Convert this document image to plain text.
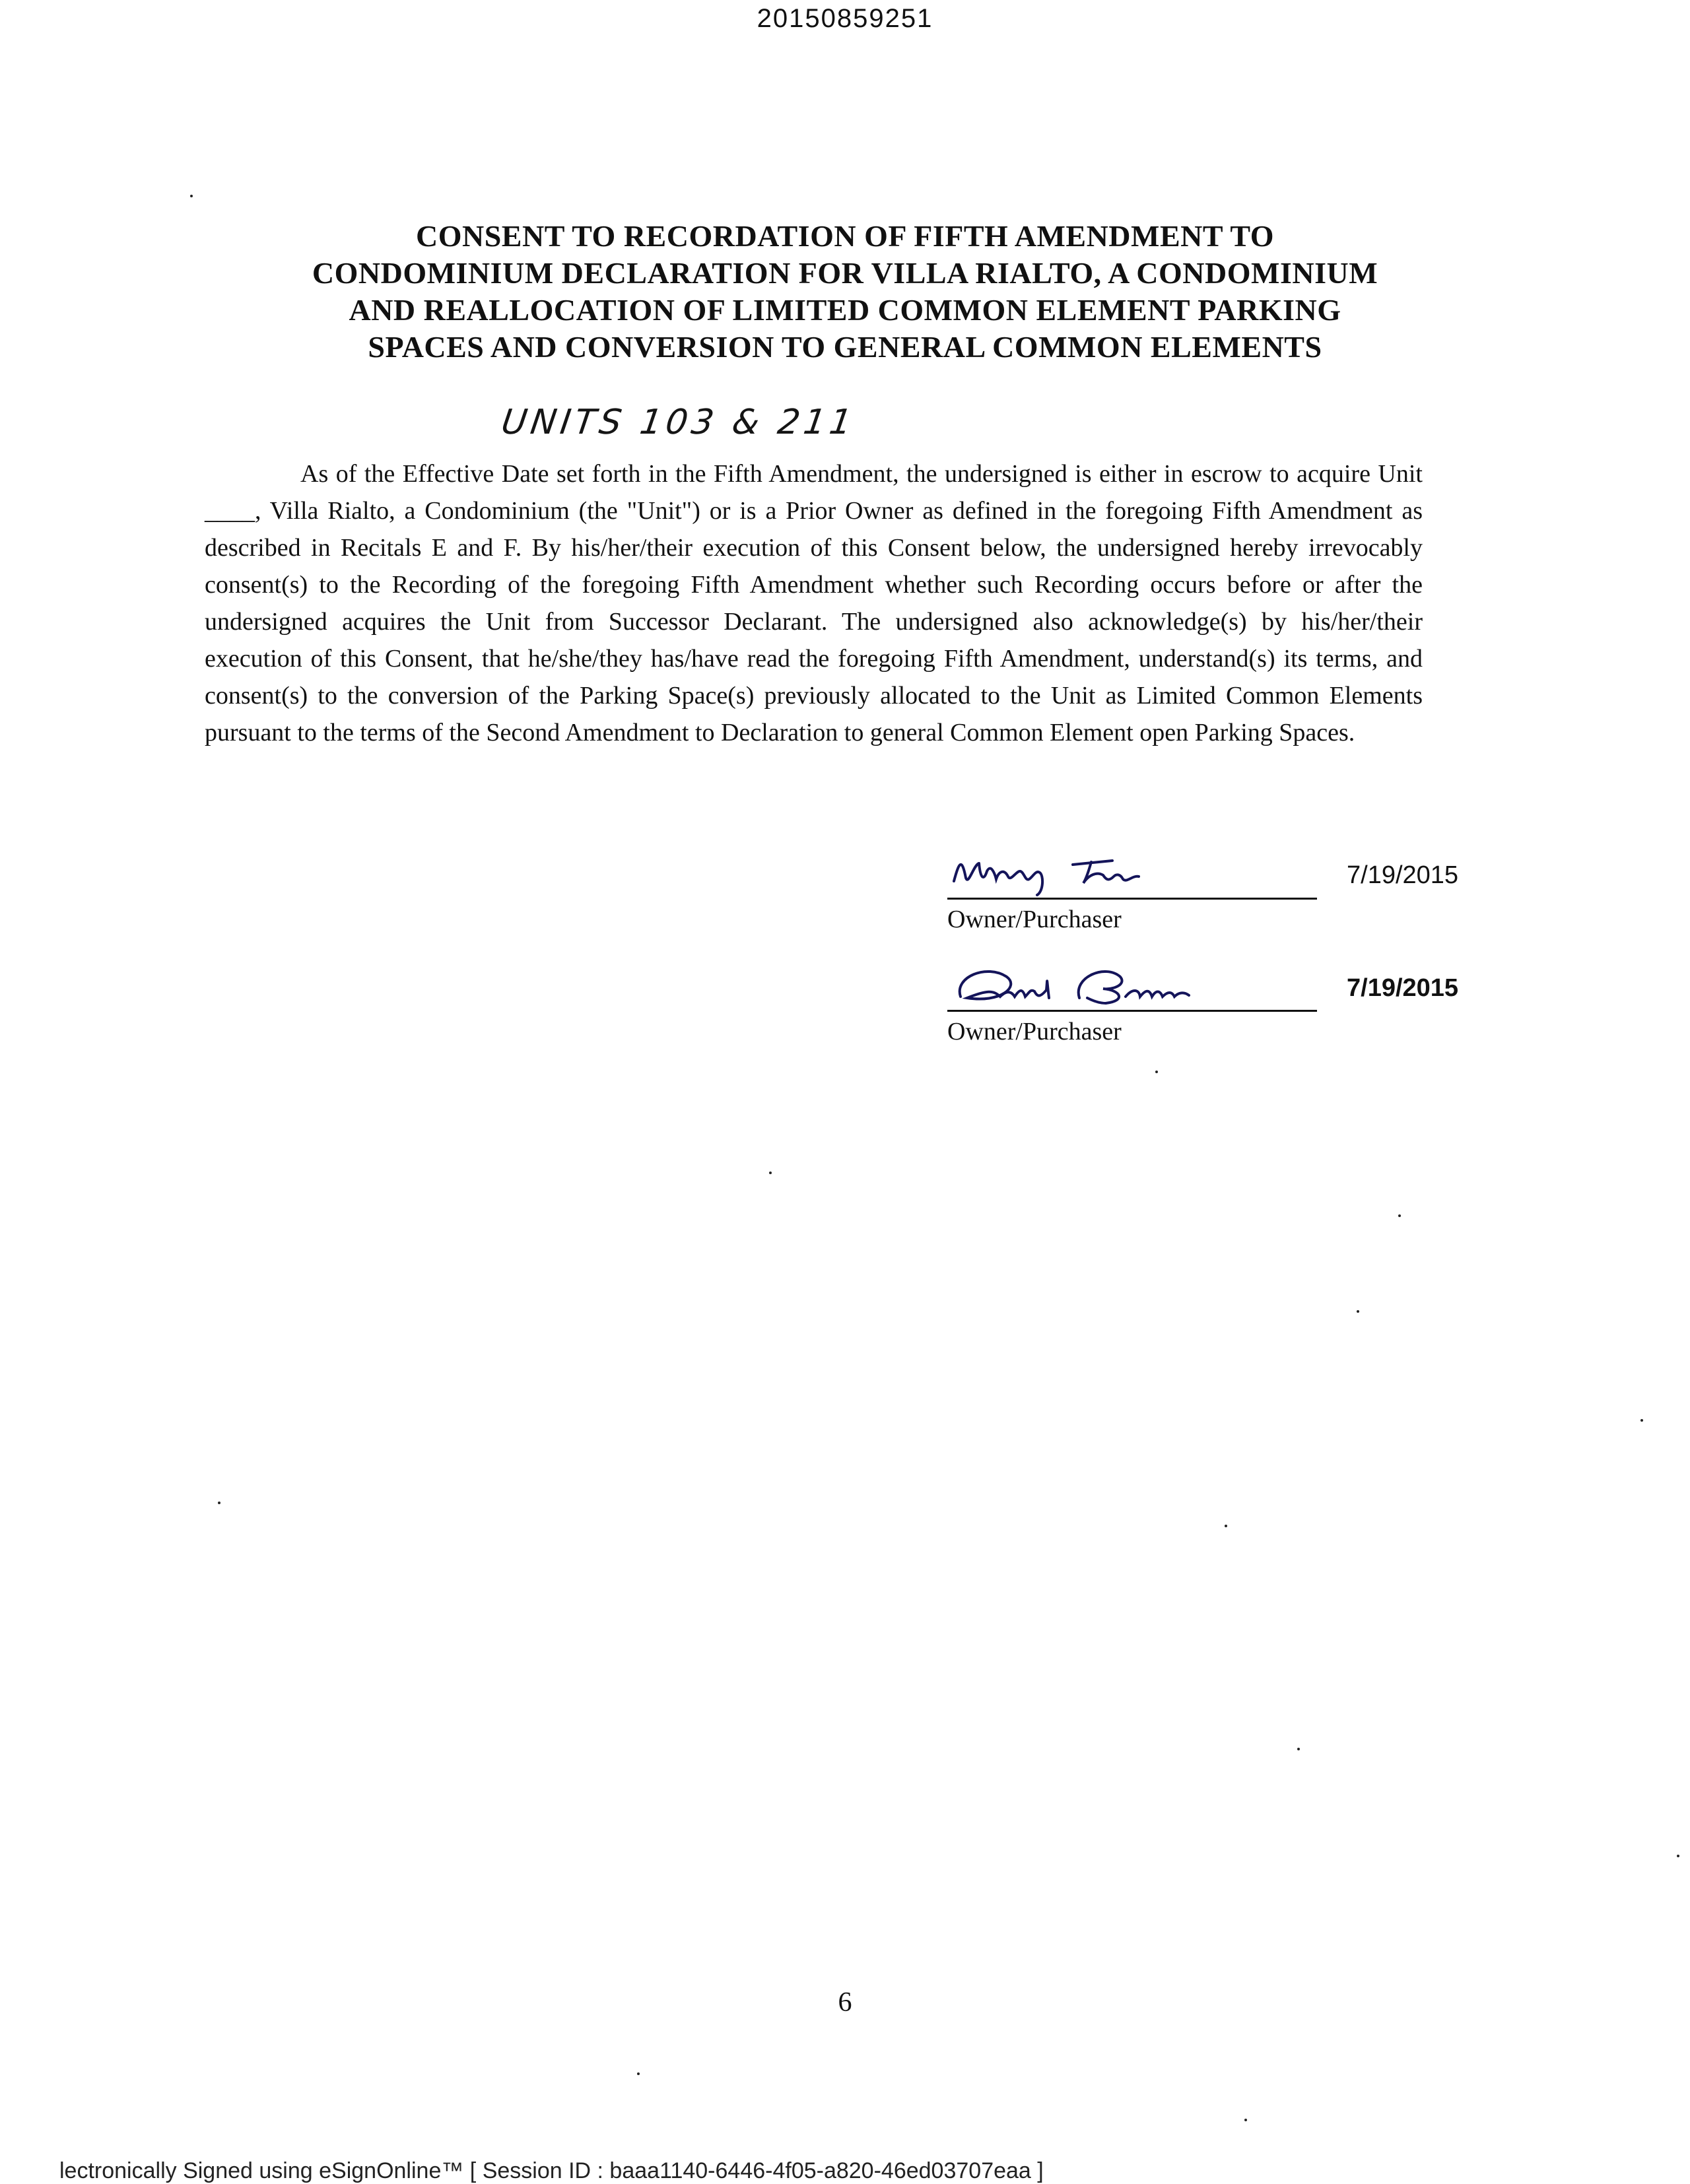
20150859251
CONSENT TO RECORDATION OF FIFTH AMENDMENT TO
CONDOMINIUM DECLARATION FOR VILLA RIALTO, A CONDOMINIUM
AND REALLOCATION OF LIMITED COMMON ELEMENT PARKING
SPACES AND CONVERSION TO GENERAL COMMON ELEMENTS
UNITS 103 & 211

As of the Effective Date set forth in the Fifth Amendment, the undersigned is either in escrow to acquire Unit ____, Villa Rialto, a Condominium (the "Unit") or is a Prior Owner as defined in the foregoing Fifth Amendment as described in Recitals E and F. By his/her/their execution of this Consent below, the undersigned hereby irrevocably consent(s) to the Recording of the foregoing Fifth Amendment whether such Recording occurs before or after the undersigned acquires the Unit from Successor Declarant. The undersigned also acknowledge(s) by his/her/their execution of this Consent, that he/she/they has/have read the foregoing Fifth Amendment, understand(s) its terms, and consent(s) to the conversion of the Parking Space(s) previously allocated to the Unit as Limited Common Elements pursuant to the terms of the Second Amendment to Declaration to general Common Element open Parking Spaces.

Owner/Purchaser
7/19/2015
Owner/Purchaser
7/19/2015
6
lectronically Signed using eSignOnline™ [ Session ID : baaa1140-6446-4f05-a820-46ed03707eaa ]
